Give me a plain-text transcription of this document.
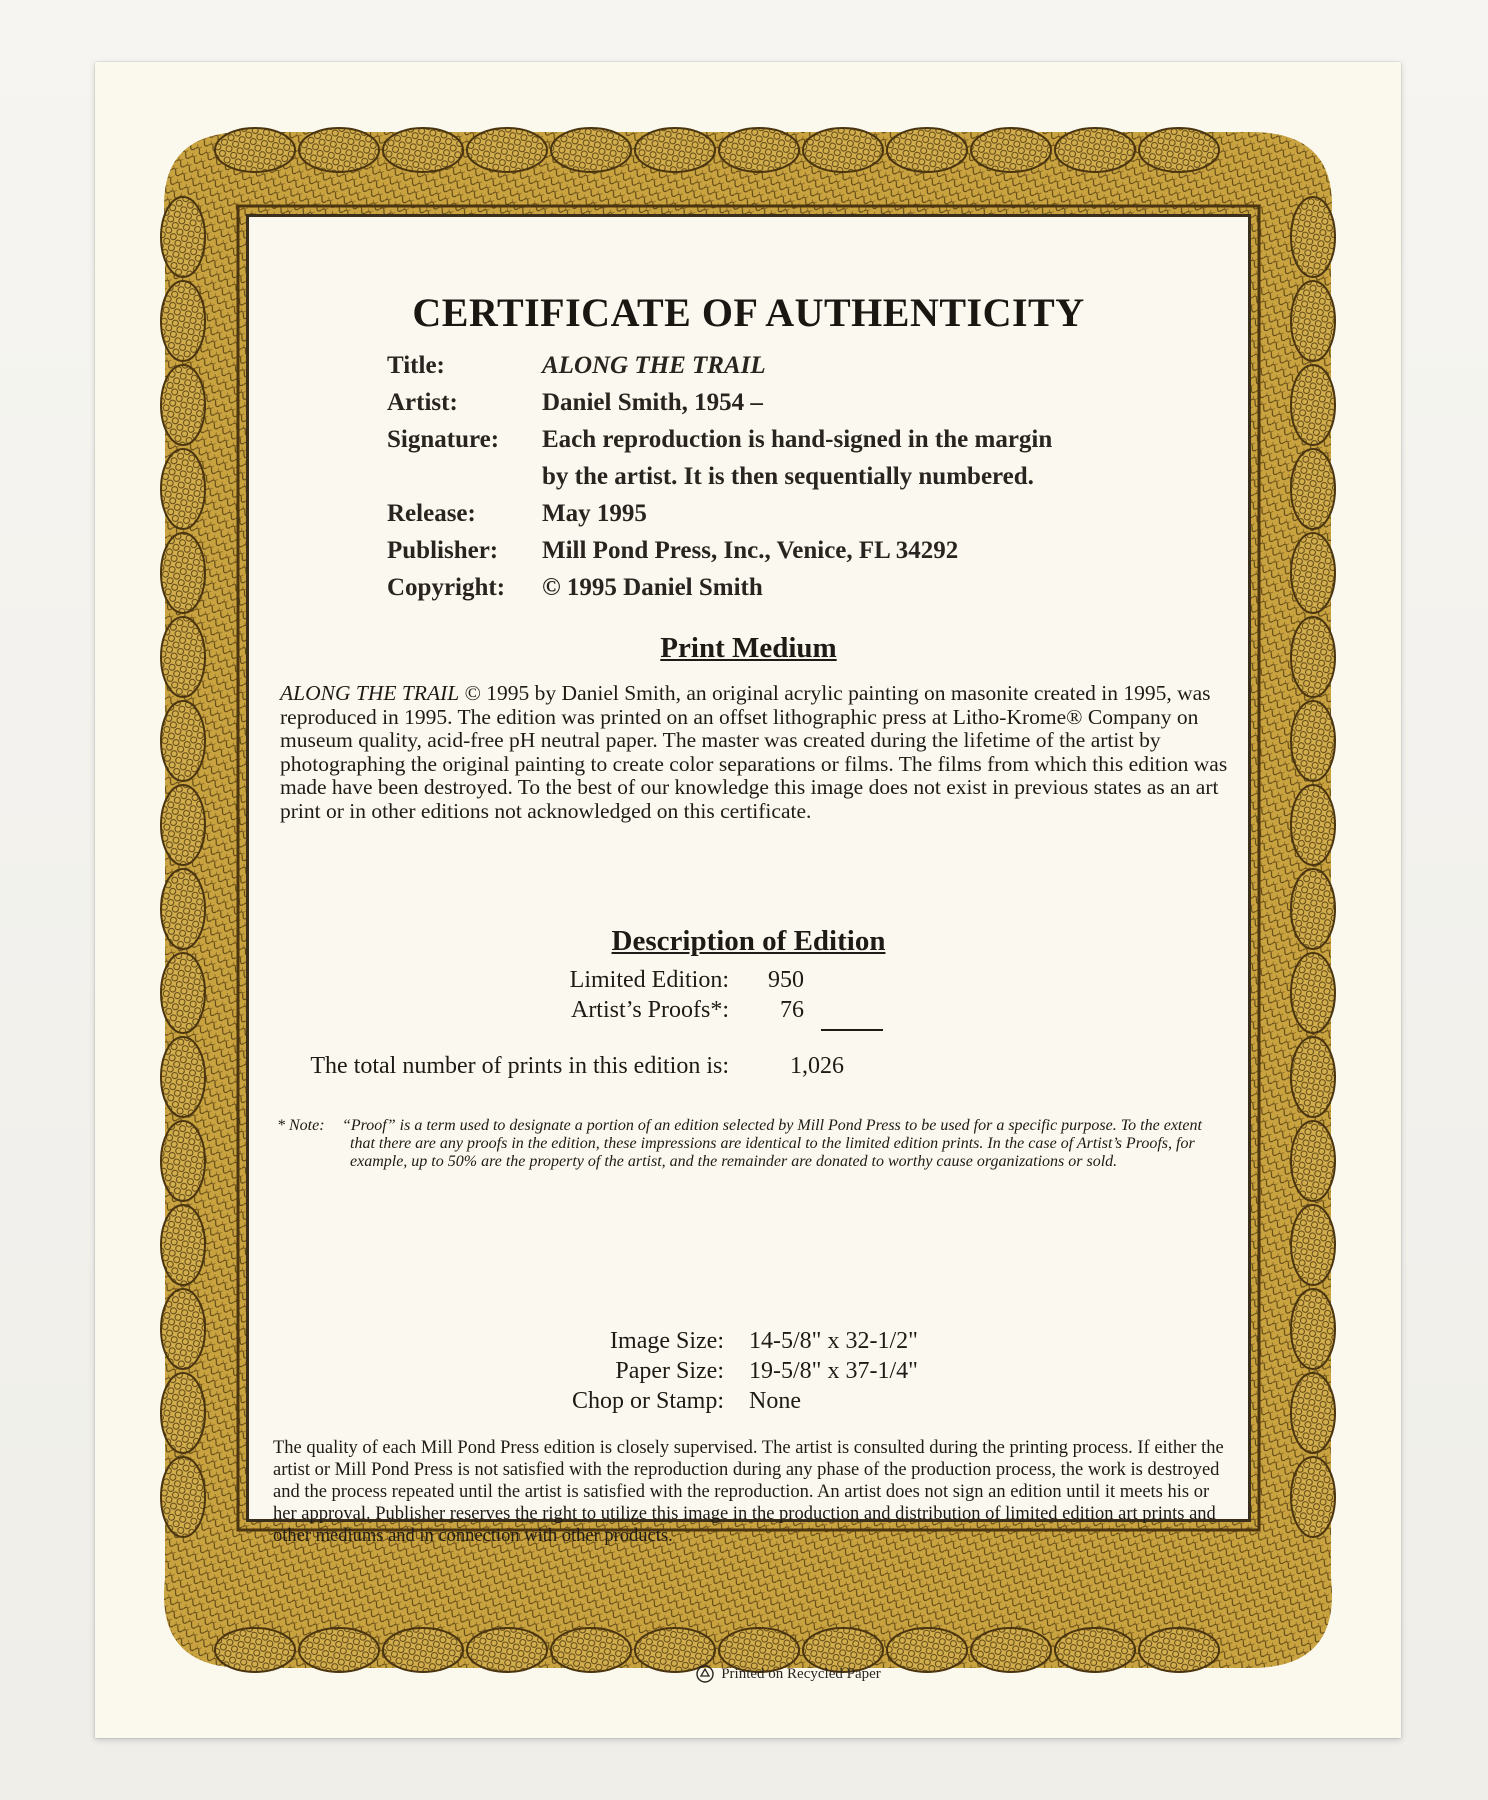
CERTIFICATE OF AUTHENTICITY
Title:	ALONG THE TRAIL
Artist:	Daniel Smith, 1954 –
Signature:	Each reproduction is hand-signed in the margin
by the artist. It is then sequentially numbered.
Release:	May 1995
Publisher:	Mill Pond Press, Inc., Venice, FL 34292
Copyright:	© 1995 Daniel Smith
Print Medium
ALONG THE TRAIL © 1995 by Daniel Smith, an original acrylic painting on masonite created in 1995, was reproduced in 1995. The edition was printed on an offset lithographic press at Litho-Krome® Company on museum quality, acid-free pH neutral paper. The master was created during the lifetime of the artist by photographing the original painting to create color separations or films. The films from which this edition was made have been destroyed. To the best of our knowledge this image does not exist in previous states as an art print or in other editions not acknowledged on this certificate.
Description of Edition
Limited Edition:	950
Artist’s Proofs*:	76
The total number of prints in this edition is:	1,026
* Note: “Proof” is a term used to designate a portion of an edition selected by Mill Pond Press to be used for a specific purpose. To the extent that there are any proofs in the edition, these impressions are identical to the limited edition prints. In the case of Artist’s Proofs, for example, up to 50% are the property of the artist, and the remainder are donated to worthy cause organizations or sold.
Image Size:	14-5/8" x 32-1/2"
Paper Size:	19-5/8" x 37-1/4"
Chop or Stamp:	None
The quality of each Mill Pond Press edition is closely supervised. The artist is consulted during the printing process. If either the artist or Mill Pond Press is not satisfied with the reproduction during any phase of the production process, the work is destroyed and the process repeated until the artist is satisfied with the reproduction. An artist does not sign an edition until it meets his or her approval. Publisher reserves the right to utilize this image in the production and distribution of limited edition art prints and other mediums and in connection with other products.
Printed on Recycled Paper
